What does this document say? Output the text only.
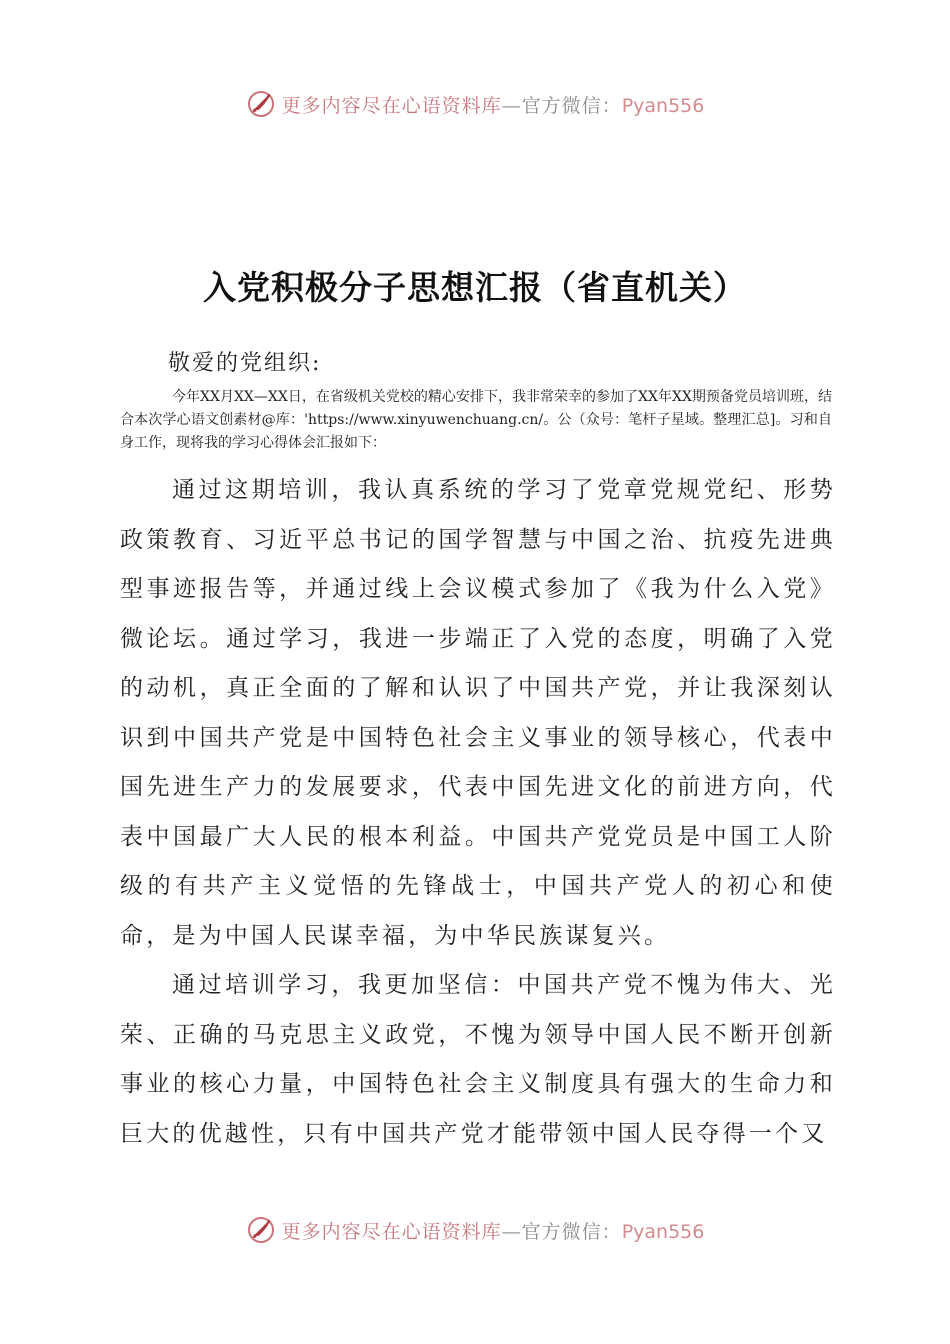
更多内容尽在心语资料库—官方微信：Pyan556
入党积极分子思想汇报（省直机关）
敬爱的党组织:
今年XX月XX—XX日，在省级机关党校的精心安排下，我非常荣幸的参加了XX年XX期预备党员培训班，结合本次学心语文创素材@库：'https://www.xinyuwenchuang.cn/。公（众号：笔杆子星域。整理汇总]。习和自身工作，现将我的学习心得体会汇报如下：

通过这期培训，我认真系统的学习了党章党规党纪、形势政策教育、习近平总书记的国学智慧与中国之治、抗疫先进典型事迹报告等，并通过线上会议模式参加了《我为什么入党》微论坛。通过学习，我进一步端正了入党的态度，明确了入党的动机，真正全面的了解和认识了中国共产党，并让我深刻认识到中国共产党是中国特色社会主义事业的领导核心，代表中国先进生产力的发展要求，代表中国先进文化的前进方向，代表中国最广大人民的根本利益。中国共产党党员是中国工人阶级的有共产主义觉悟的先锋战士，中国共产党人的初心和使命，是为中国人民谋幸福，为中华民族谋复兴。

通过培训学习，我更加坚信：中国共产党不愧为伟大、光荣、正确的马克思主义政党，不愧为领导中国人民不断开创新事业的核心力量，中国特色社会主义制度具有强大的生命力和巨大的优越性，只有中国共产党才能带领中国人民夺得一个又

更多内容尽在心语资料库—官方微信：Pyan556
